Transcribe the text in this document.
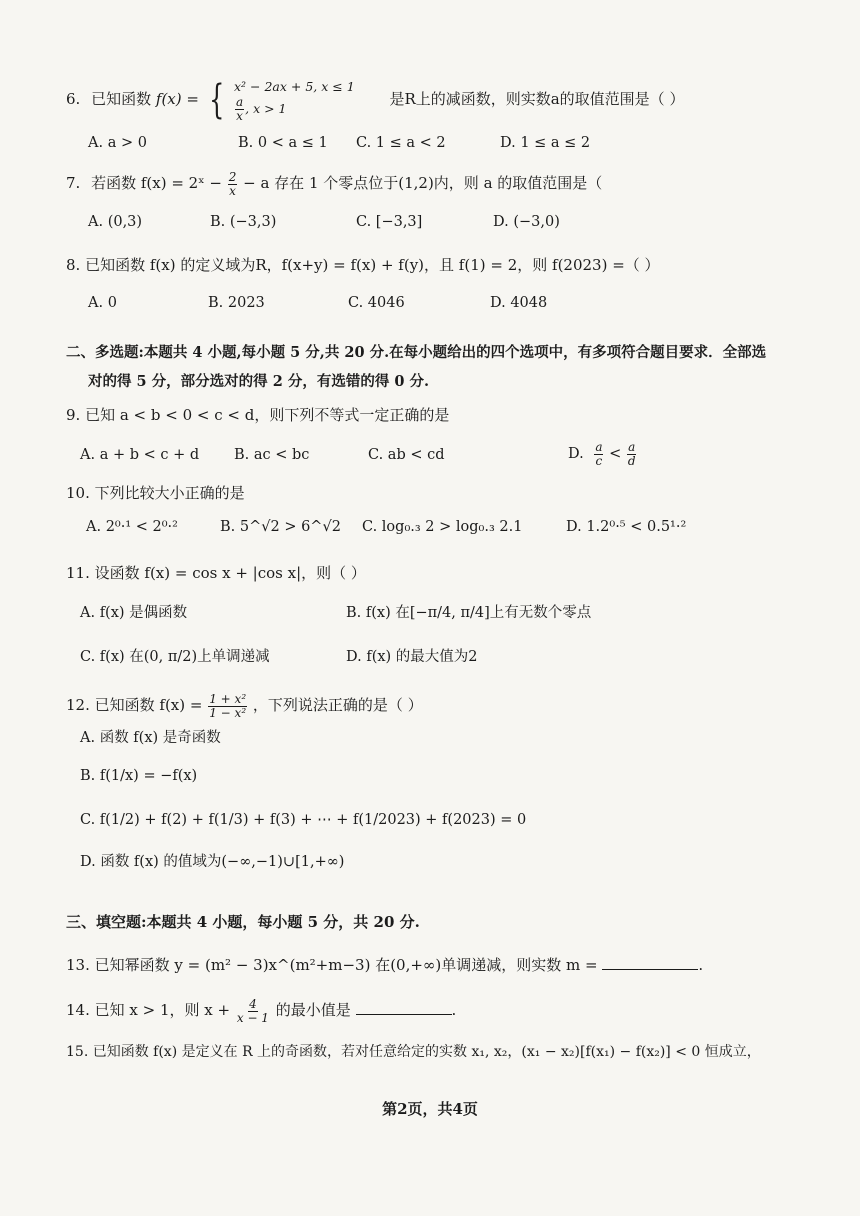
6. 已知函数 f(x) = { x² − 2ax + 5, x ≤ 1
$\frac{a}{x}$ , x > 1	是R上的减函数，则实数a的取值范围是（ ）
A. a > 0	B. 0 < a ≤ 1 C. 1 ≤ a < 2	D. 1 ≤ a ≤ 2
7. 若函数 f(x) = 2ˣ − $\frac{2}{x} - a$ 存在 1 个零点位于(1,2)内，则 a 的取值范围是（
A. (0,3)	B. (−3,3)	C. [−3,3]	D. (−3,0)
8. 已知函数 f(x) 的定义域为R，f(x+y) = f(x) + f(y)，且 f(1) = 2，则 f(2023) =（ ）
A. 0	B. 2023	C. 4046	D. 4048
二、多选题:本题共 4 小题,每小题 5 分,共 20 分.在每小题给出的四个选项中，有多项符合题目要求．全部选
对的得 5 分，部分选对的得 2 分，有选错的得 0 分.
9. 已知 a < b < 0 < c < d，则下列不等式一定正确的是
A. a + b < c + d B. ac < bc	C. ab < cd	D. $\frac{a}{c} < \frac{a}{d}$
10. 下列比较大小正确的是
A. 2⁰·¹ < 2⁰·²	B. 5^√2 > 6^√2 C. log₀.₃ 2 > log₀.₃ 2.1	D. 1.2⁰·⁵ < 0.5¹·²
11. 设函数 f(x) = cos x + |cos x|，则（ ）
A. f(x) 是偶函数	B. f(x) 在[−π/4, π/4]上有无数个零点
C. f(x) 在(0, π/2)上单调递减	D. f(x) 的最大值为2
12. 已知函数 $f(x) = \frac{\text{1 + x²}}{\text{1 − x²}}$ ，下列说法正确的是（ ）
A. 函数 f(x) 是奇函数
B. f(1/x) = −f(x)
C. f(1/2) + f(2) + f(1/3) + f(3) + ⋯ + f(1/2023) + f(2023) = 0
D. 函数 f(x) 的值域为(−∞,−1)∪[1,+∞)
三、填空题:本题共 4 小题，每小题 5 分，共 20 分.
13. 已知幂函数 y = (m² − 3)x^(m²+m−3) 在(0,+∞)单调递减，则实数 m =	.
14. 已知 x > 1，则 $x + \frac{4}{x - 1}$ 的最小值是	.
15. 已知函数 f(x) 是定义在 R 上的奇函数，若对任意给定的实数 x₁, x₂，(x₁ − x₂)[f(x₁) − f(x₂)] < 0 恒成立，
第2页，共4页
